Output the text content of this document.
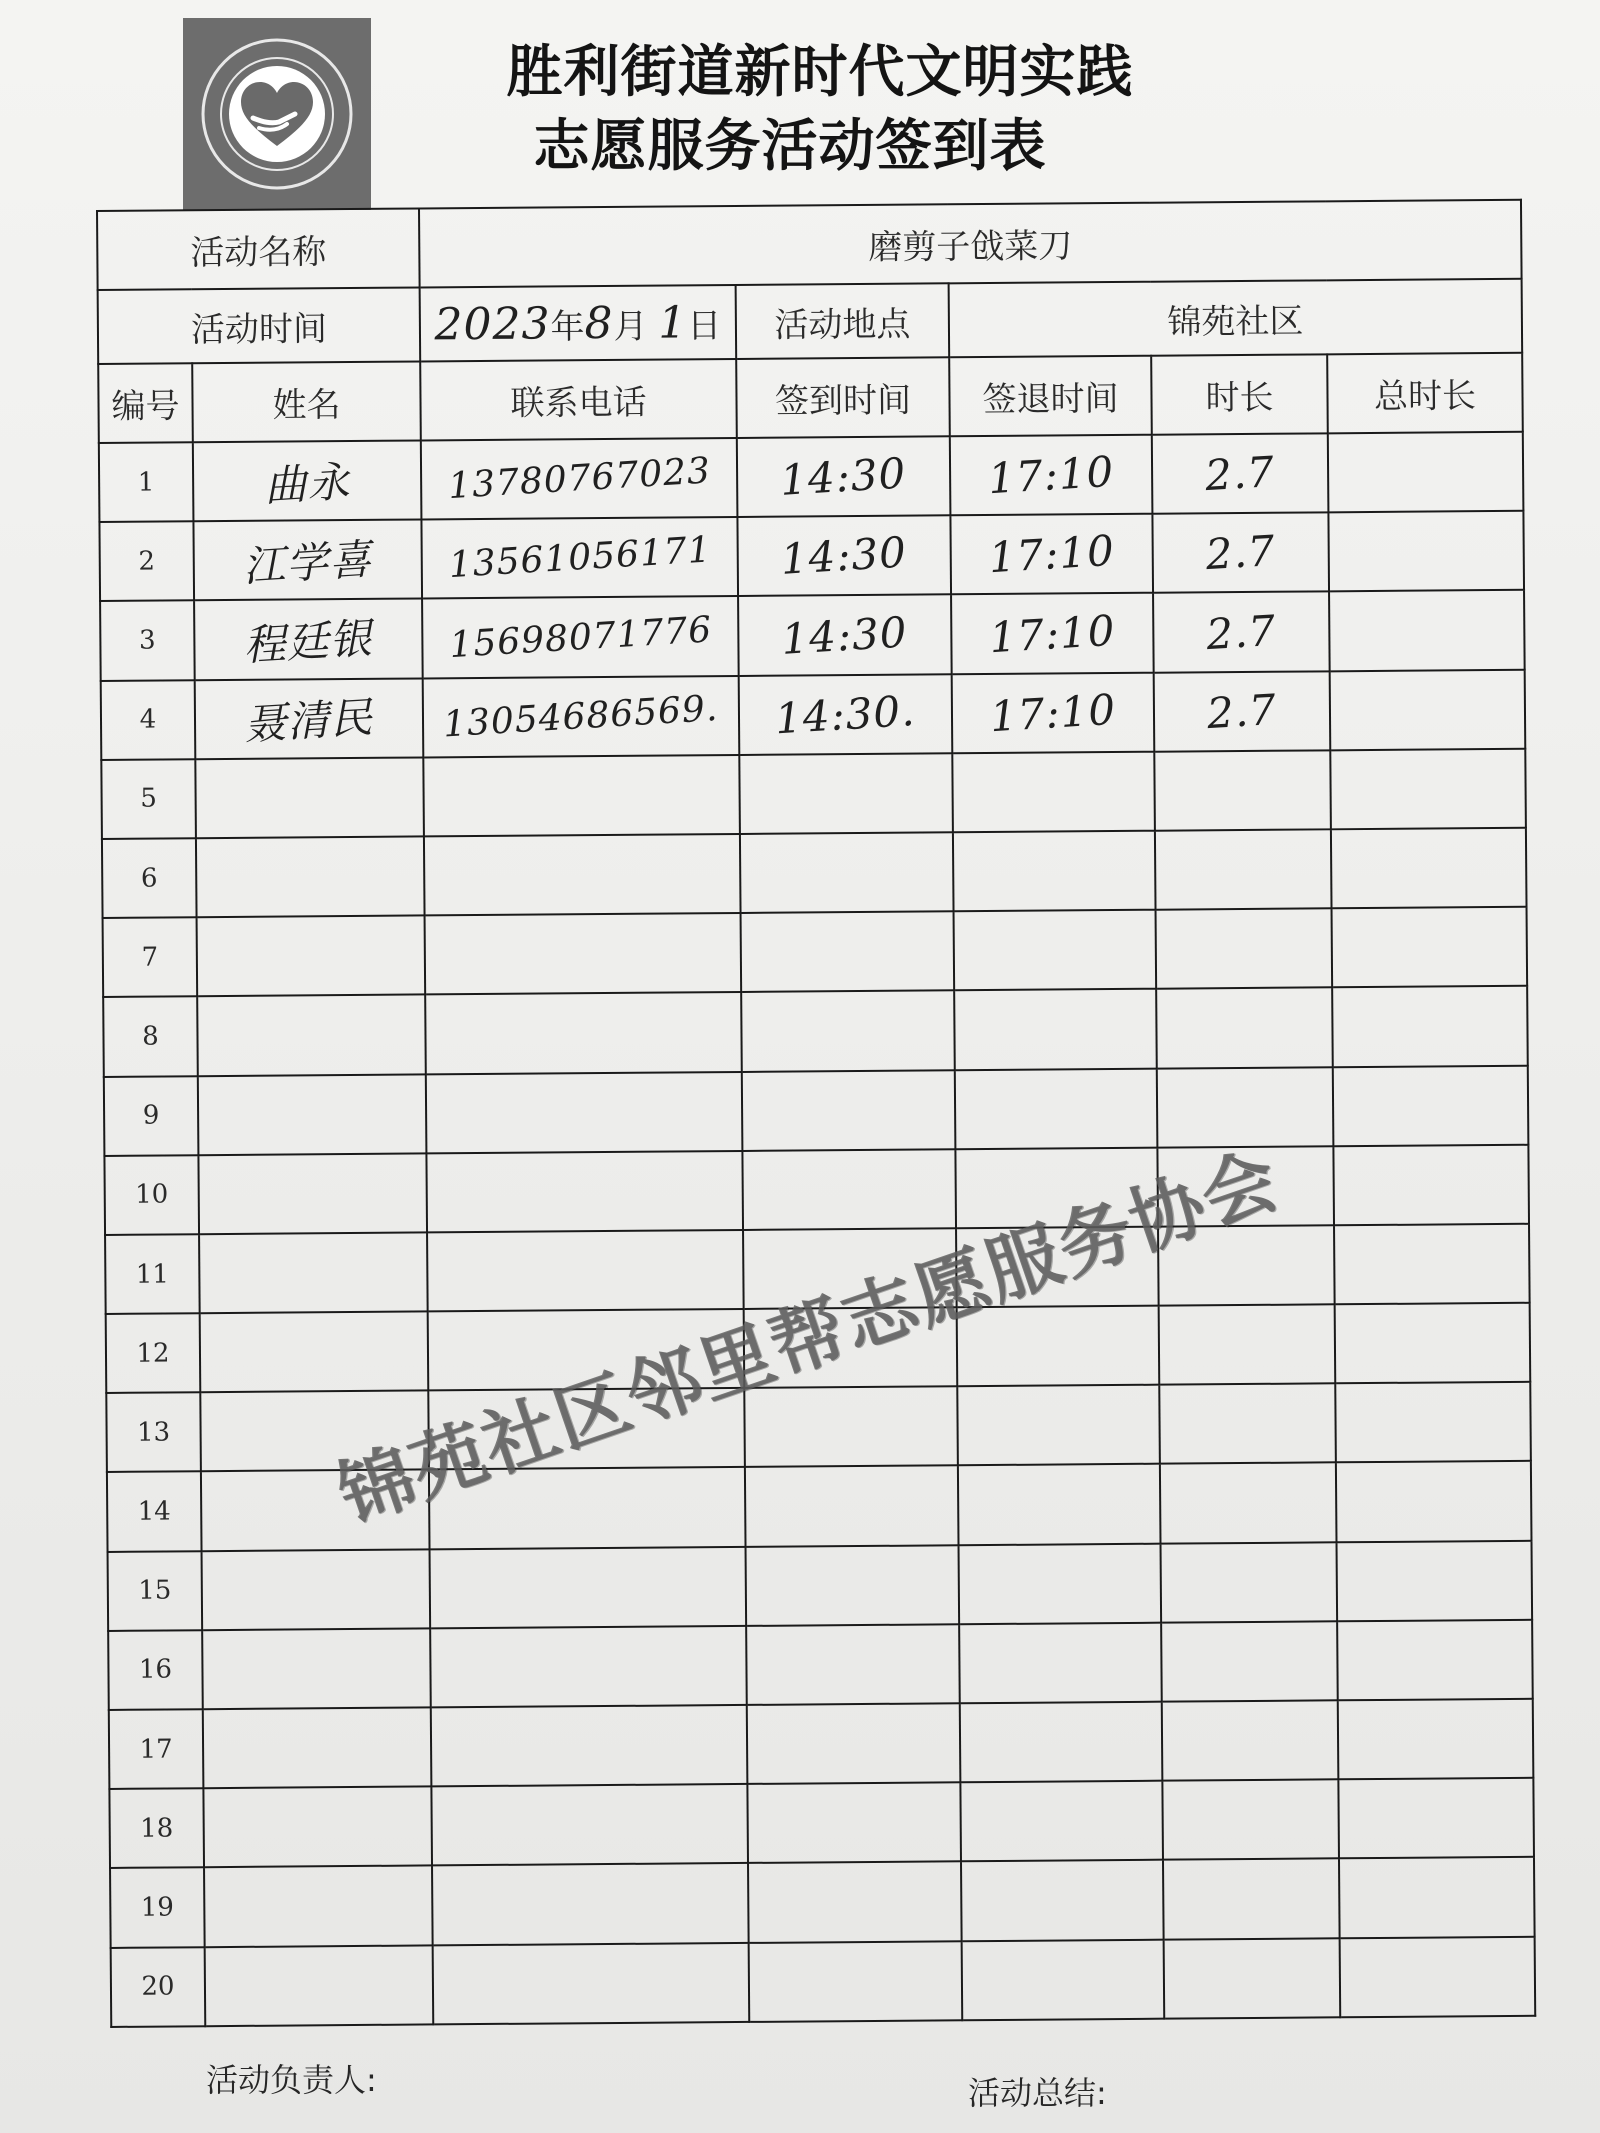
胜利街道新时代文明实践
志愿服务活动签到表
活动名称		磨剪子戗菜刀				
活动时间		2023年8月 1日	活动地点	锦苑社区		
编号	姓名	联系电话	签到时间	签退时间	时长	总时长
1	曲永	13780767023	14:30	17:10	2.7	
2	江学喜	13561056171	14:30	17:10	2.7	
3	程廷银	15698071776	14:30	17:10	2.7	
4	聂清民	13054686569.	14:30.	17:10	2.7	
5						
6						
7						
8						
9						
10						
11						
12						
13						
14						
15						
16						
17						
18						
19						
20						
锦苑社区邻里帮志愿服务协会
活动负责人:	活动总结:
